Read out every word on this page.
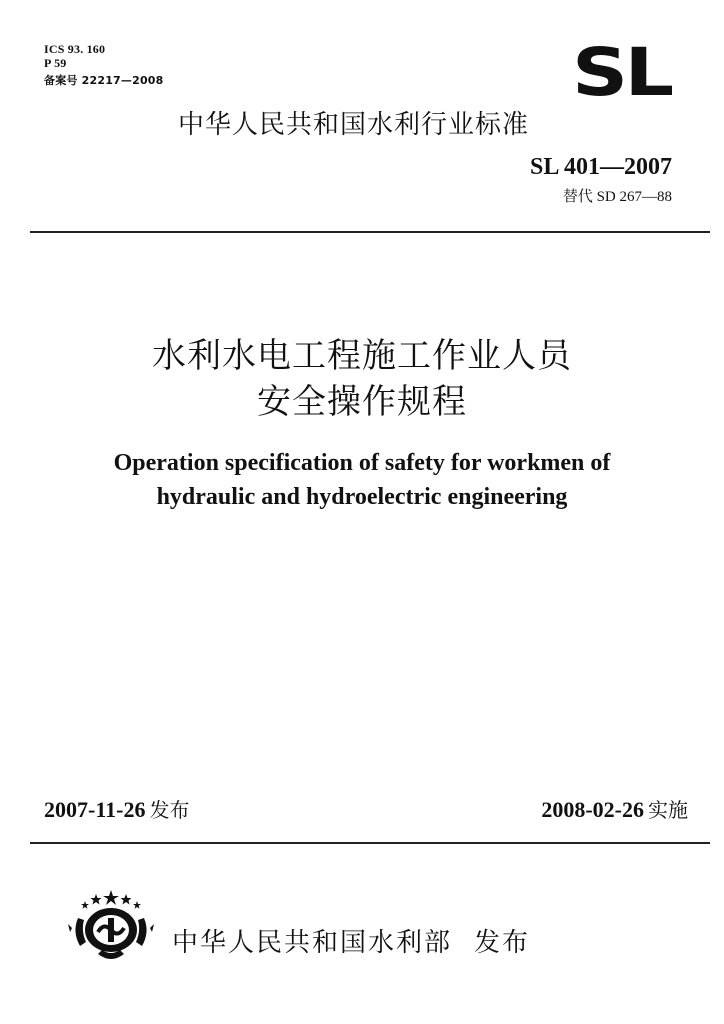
ICS 93. 160
P 59
备案号 22217—2008	SL
中华人民共和国水利行业标准
SL 401—2007
替代 SD 267—88
水利水电工程施工作业人员
安全操作规程
Operation specification of safety for workmen of
hydraulic and hydroelectric engineering
2007-11-26 发布	2008-02-26 实施
中华人民共和国水利部 发布
